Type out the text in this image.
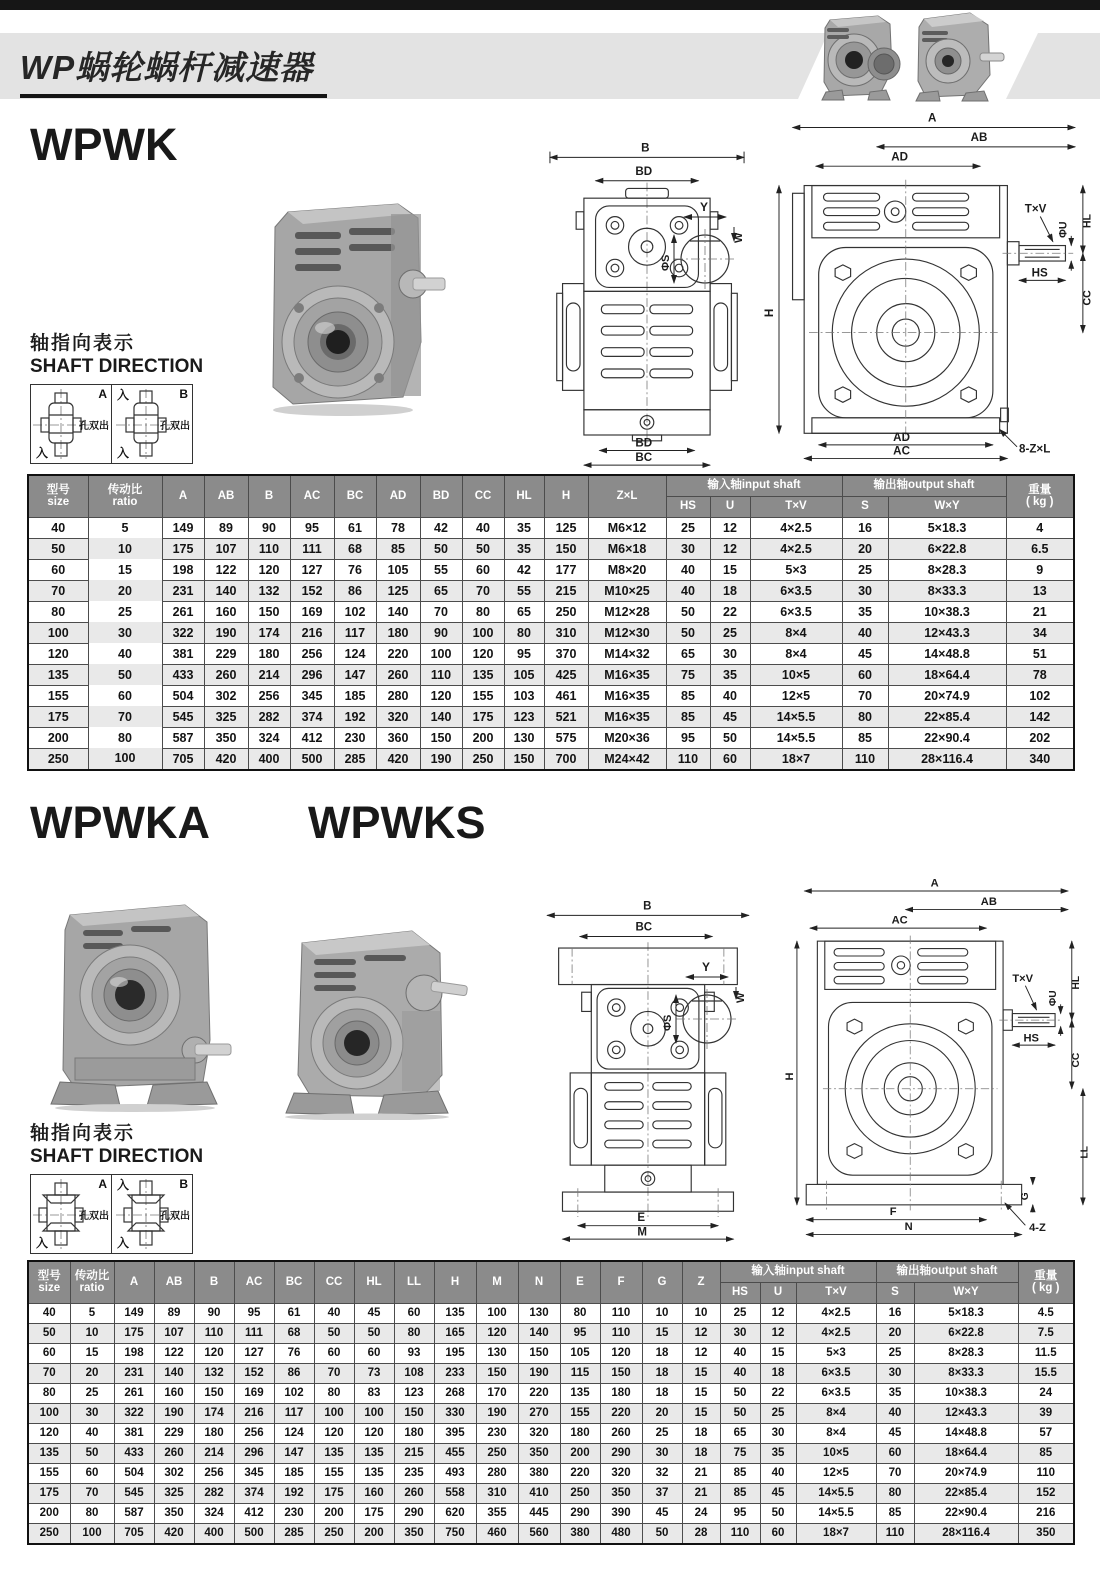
WP蜗轮蜗杆减速器
WPWK	B
BD
BD
BC
Y
W
ΦS
A
AB
AD
H
T×V
ΦU
HL
HS
CC
AD
AC	8-Z×L
轴指向表示
SHAFT DIRECTION
A
孔双出
入
入	B
孔双出
入
型号
size	传动比
ratio	A	AB	B	AC	BC	AD	BD	CC	HL	H	Z×L	输入轴input shaft			输出轴output shaft		重量
( kg )
													HS	U	T×V	S	W×Y	
40	5	149	89	90	95	61	78	42	40	35	125	M6×12	25	12	4×2.5	16	5×18.3	4
50	10	175	107	110	111	68	85	50	50	35	150	M6×18	30	12	4×2.5	20	6×22.8	6.5
60	15	198	122	120	127	76	105	55	60	42	177	M8×20	40	15	5×3	25	8×28.3	9
70	20	231	140	132	152	86	125	65	70	55	215	M10×25	40	18	6×3.5	30	8×33.3	13
80	25	261	160	150	169	102	140	70	80	65	250	M12×28	50	22	6×3.5	35	10×38.3	21
100	30	322	190	174	216	117	180	90	100	80	310	M12×30	50	25	8×4	40	12×43.3	34
120	40	381	229	180	256	124	220	100	120	95	370	M14×32	65	30	8×4	45	14×48.8	51
135	50	433	260	214	296	147	260	110	135	105	425	M16×35	75	35	10×5	60	18×64.4	78
155	60	504	302	256	345	185	280	120	155	103	461	M16×35	85	40	12×5	70	20×74.9	102
175	70	545	325	282	374	192	320	140	175	123	521	M16×35	85	45	14×5.5	80	22×85.4	142
200	80	587	350	324	412	230	360	150	200	130	575	M20×36	95	50	14×5.5	85	22×90.4	202
250	100	705	420	400	500	285	420	190	250	150	700	M24×42	110	60	18×7	110	28×116.4	340
WPWKA WPWKS
B
BC
E
M
Y
W
ΦS
A
AB
AC
H
T×V
ΦU
HL
HS
CC
LL
G
F
N	4-Z
轴指向表示
SHAFT DIRECTION
A
孔双出
入
入	B
孔双出
入
型号
size	传动比
ratio	A	AB	B	AC	BC	CC	HL	LL	H	M	N	E	F	G	Z	输入轴input shaft			输出轴output shaft		重量
( kg )
																	HS	U	T×V	S	W×Y	
40	5	149	89	90	95	61	40	45	60	135	100	130	80	110	10	10	25	12	4×2.5	16	5×18.3	4.5
50	10	175	107	110	111	68	50	50	80	165	120	140	95	110	15	12	30	12	4×2.5	20	6×22.8	7.5
60	15	198	122	120	127	76	60	60	93	195	130	150	105	120	18	12	40	15	5×3	25	8×28.3	11.5
70	20	231	140	132	152	86	70	73	108	233	150	190	115	150	18	15	40	18	6×3.5	30	8×33.3	15.5
80	25	261	160	150	169	102	80	83	123	268	170	220	135	180	18	15	50	22	6×3.5	35	10×38.3	24
100	30	322	190	174	216	117	100	100	150	330	190	270	155	220	20	15	50	25	8×4	40	12×43.3	39
120	40	381	229	180	256	124	120	120	180	395	230	320	180	260	25	18	65	30	8×4	45	14×48.8	57
135	50	433	260	214	296	147	135	135	215	455	250	350	200	290	30	18	75	35	10×5	60	18×64.4	85
155	60	504	302	256	345	185	155	135	235	493	280	380	220	320	32	21	85	40	12×5	70	20×74.9	110
175	70	545	325	282	374	192	175	160	260	558	310	410	250	350	37	21	85	45	14×5.5	80	22×85.4	152
200	80	587	350	324	412	230	200	175	290	620	355	445	290	390	45	24	95	50	14×5.5	85	22×90.4	216
250	100	705	420	400	500	285	250	200	350	750	460	560	380	480	50	28	110	60	18×7	110	28×116.4	350
